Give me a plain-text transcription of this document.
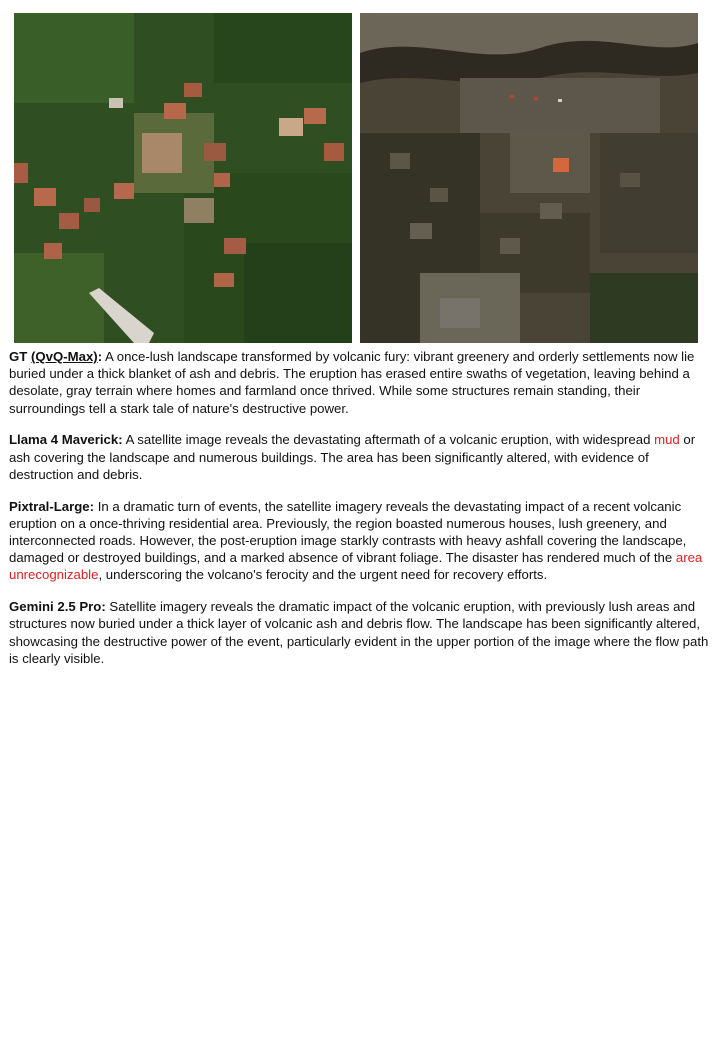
GT (QvQ-Max): A once-lush landscape transformed by volcanic fury: vibrant greenery and orderly settlements now lie buried under a thick blanket of ash and debris. The eruption has erased entire swaths of vegetation, leaving behind a desolate, gray terrain where homes and farmland once thrived. While some structures remain standing, their surroundings tell a stark tale of nature's destructive power.

Llama 4 Maverick: A satellite image reveals the devastating aftermath of a volcanic eruption, with widespread mud or ash covering the landscape and numerous buildings. The area has been significantly altered, with evidence of destruction and debris.

Pixtral-Large: In a dramatic turn of events, the satellite imagery reveals the devastating impact of a recent volcanic eruption on a once-thriving residential area. Previously, the region boasted numerous houses, lush greenery, and interconnected roads. However, the post-eruption image starkly contrasts with heavy ashfall covering the landscape, damaged or destroyed buildings, and a marked absence of vibrant foliage. The disaster has rendered much of the area unrecognizable, underscoring the volcano's ferocity and the urgent need for recovery efforts.

Gemini 2.5 Pro: Satellite imagery reveals the dramatic impact of the volcanic eruption, with previously lush areas and structures now buried under a thick layer of volcanic ash and debris flow. The landscape has been significantly altered, showcasing the destructive power of the event, particularly evident in the upper portion of the image where the flow path is clearly visible.
